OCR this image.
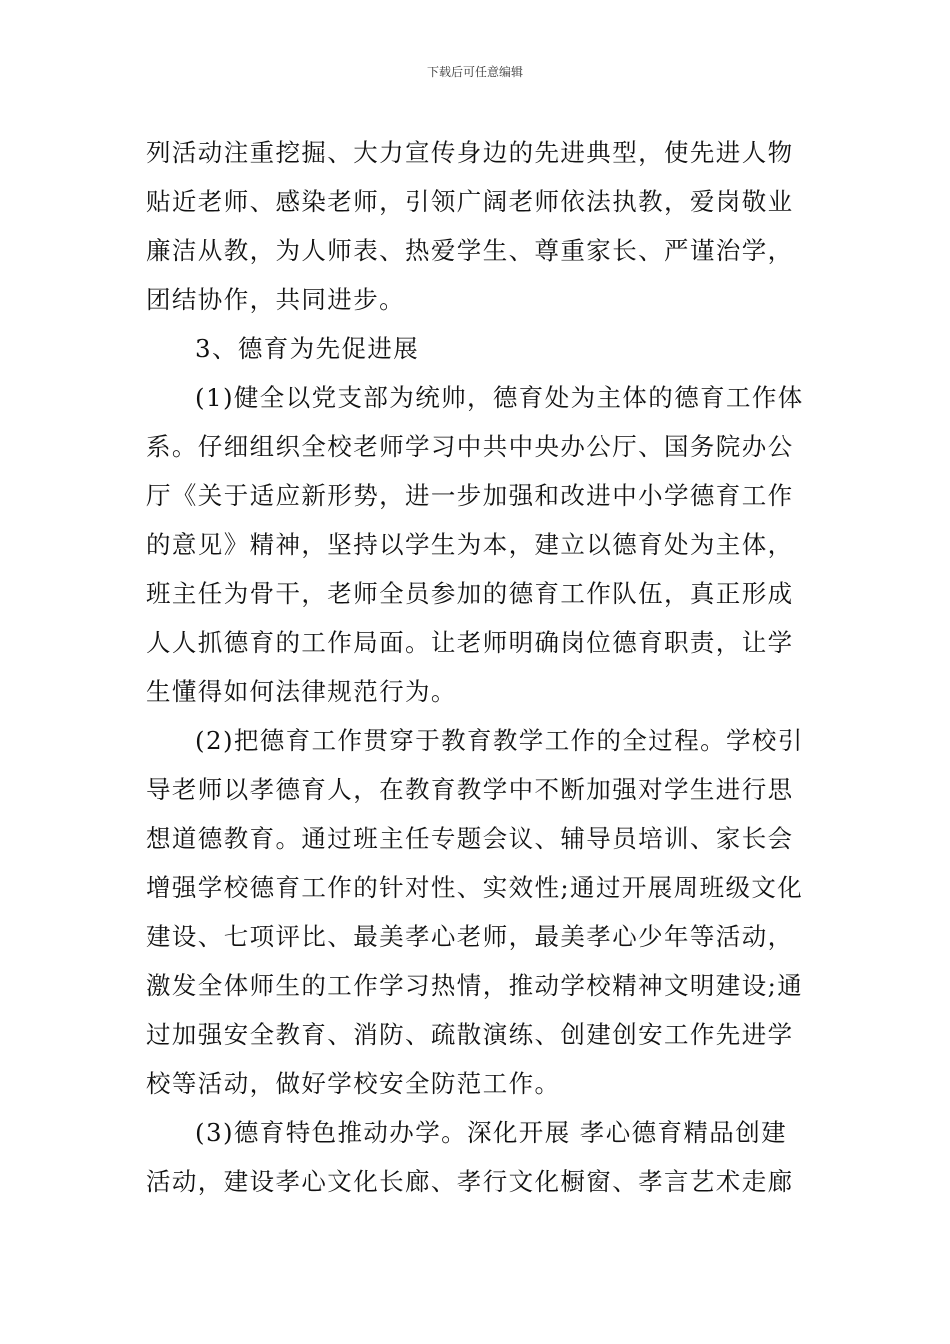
下载后可任意编辑
列活动注重挖掘、大力宣传身边的先进典型，使先进人物
贴近老师、感染老师，引领广阔老师依法执教，爱岗敬业
廉洁从教，为人师表、热爱学生、尊重家长、严谨治学，
团结协作，共同进步。
3、德育为先促进展
(1)健全以党支部为统帅，德育处为主体的德育工作体
系。仔细组织全校老师学习中共中央办公厅、国务院办公
厅《关于适应新形势，进一步加强和改进中小学德育工作
的意见》精神，坚持以学生为本，建立以德育处为主体，
班主任为骨干，老师全员参加的德育工作队伍，真正形成
人人抓德育的工作局面。让老师明确岗位德育职责，让学
生懂得如何法律规范行为。
(2)把德育工作贯穿于教育教学工作的全过程。学校引
导老师以孝德育人，在教育教学中不断加强对学生进行思
想道德教育。通过班主任专题会议、辅导员培训、家长会
增强学校德育工作的针对性、实效性;通过开展周班级文化
建设、七项评比、最美孝心老师，最美孝心少年等活动，
激发全体师生的工作学习热情，推动学校精神文明建设;通
过加强安全教育、消防、疏散演练、创建创安工作先进学
校等活动，做好学校安全防范工作。
(3)德育特色推动办学。深化开展 孝心德育精品创建
活动，建设孝心文化长廊、孝行文化橱窗、孝言艺术走廊
